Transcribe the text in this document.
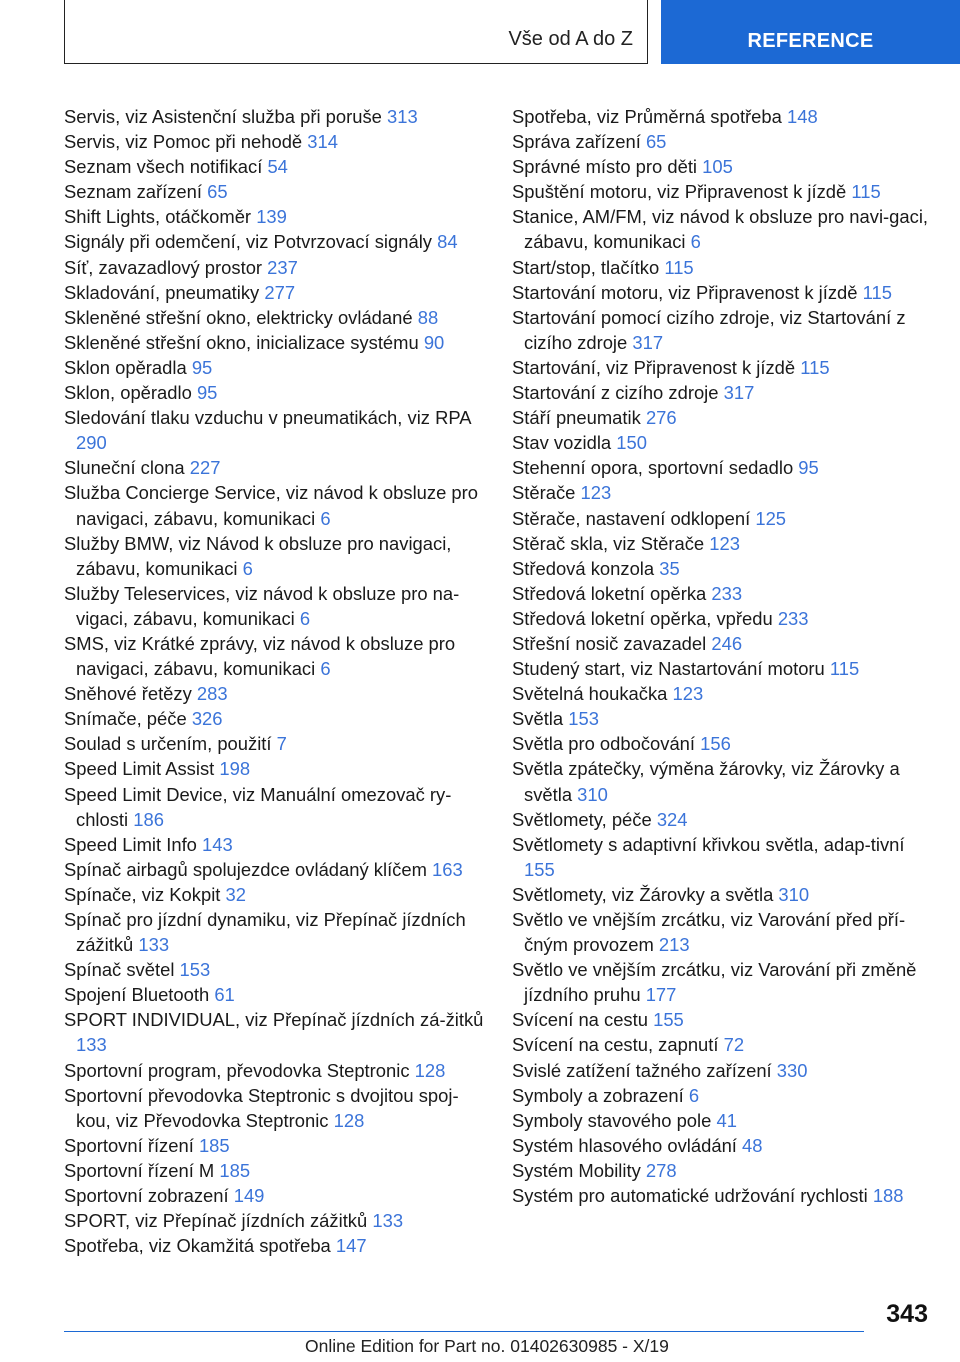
Vše od A do Z	REFERENCE
Servis, viz Asistenční služba při poruše 313
Servis, viz Pomoc při nehodě 314
Seznam všech notifikací 54
Seznam zařízení 65
Shift Lights, otáčkoměr 139
Signály při odemčení, viz Potvrzovací signály 84
Síť, zavazadlový prostor 237
Skladování, pneumatiky 277
Skleněné střešní okno, elektricky ovládané 88
Skleněné střešní okno, inicializace systému 90
Sklon opěradla 95
Sklon, opěradlo 95
Sledování tlaku vzduchu v pneumatikách, viz RPA 290
Sluneční clona 227
Služba Concierge Service, viz návod k obsluze pro navigaci, zábavu, komunikaci 6
Služby BMW, viz Návod k obsluze pro navigaci, zábavu, komunikaci 6
Služby Teleservices, viz návod k obsluze pro na‐vigaci, zábavu, komunikaci 6
SMS, viz Krátké zprávy, viz návod k obsluze pro navigaci, zábavu, komunikaci 6
Sněhové řetězy 283
Snímače, péče 326
Soulad s určením, použití 7
Speed Limit Assist 198
Speed Limit Device, viz Manuální omezovač ry‐chlosti 186
Speed Limit Info 143
Spínač airbagů spolujezdce ovládaný klíčem 163
Spínače, viz Kokpit 32
Spínač pro jízdní dynamiku, viz Přepínač jízdních zážitků 133
Spínač světel 153
Spojení Bluetooth 61
SPORT INDIVIDUAL, viz Přepínač jízdních zá‐žitků 133
Sportovní program, převodovka Steptronic 128
Sportovní převodovka Steptronic s dvojitou spoj‐kou, viz Převodovka Steptronic 128
Sportovní řízení 185
Sportovní řízení M 185
Sportovní zobrazení 149
SPORT, viz Přepínač jízdních zážitků 133
Spotřeba, viz Okamžitá spotřeba 147
Spotřeba, viz Průměrná spotřeba 148
Správa zařízení 65
Správné místo pro děti 105
Spuštění motoru, viz Připravenost k jízdě 115
Stanice, AM/FM, viz návod k obsluze pro navi‐gaci, zábavu, komunikaci 6
Start/stop, tlačítko 115
Startování motoru, viz Připravenost k jízdě 115
Startování pomocí cizího zdroje, viz Startování z cizího zdroje 317
Startování, viz Připravenost k jízdě 115
Startování z cizího zdroje 317
Stáří pneumatik 276
Stav vozidla 150
Stehenní opora, sportovní sedadlo 95
Stěrače 123
Stěrače, nastavení odklopení 125
Stěrač skla, viz Stěrače 123
Středová konzola 35
Středová loketní opěrka 233
Středová loketní opěrka, vpředu 233
Střešní nosič zavazadel 246
Studený start, viz Nastartování motoru 115
Světelná houkačka 123
Světla 153
Světla pro odbočování 156
Světla zpátečky, výměna žárovky, viz Žárovky a světla 310
Světlomety, péče 324
Světlomety s adaptivní křivkou světla, adap‐tivní 155
Světlomety, viz Žárovky a světla 310
Světlo ve vnějším zrcátku, viz Varování před pří‐čným provozem 213
Světlo ve vnějším zrcátku, viz Varování při změně jízdního pruhu 177
Svícení na cestu 155
Svícení na cestu, zapnutí 72
Svislé zatížení tažného zařízení 330
Symboly a zobrazení 6
Symboly stavového pole 41
Systém hlasového ovládání 48
Systém Mobility 278
Systém pro automatické udržování rychlosti 188
343
Online Edition for Part no. 01402630985 - X/19
